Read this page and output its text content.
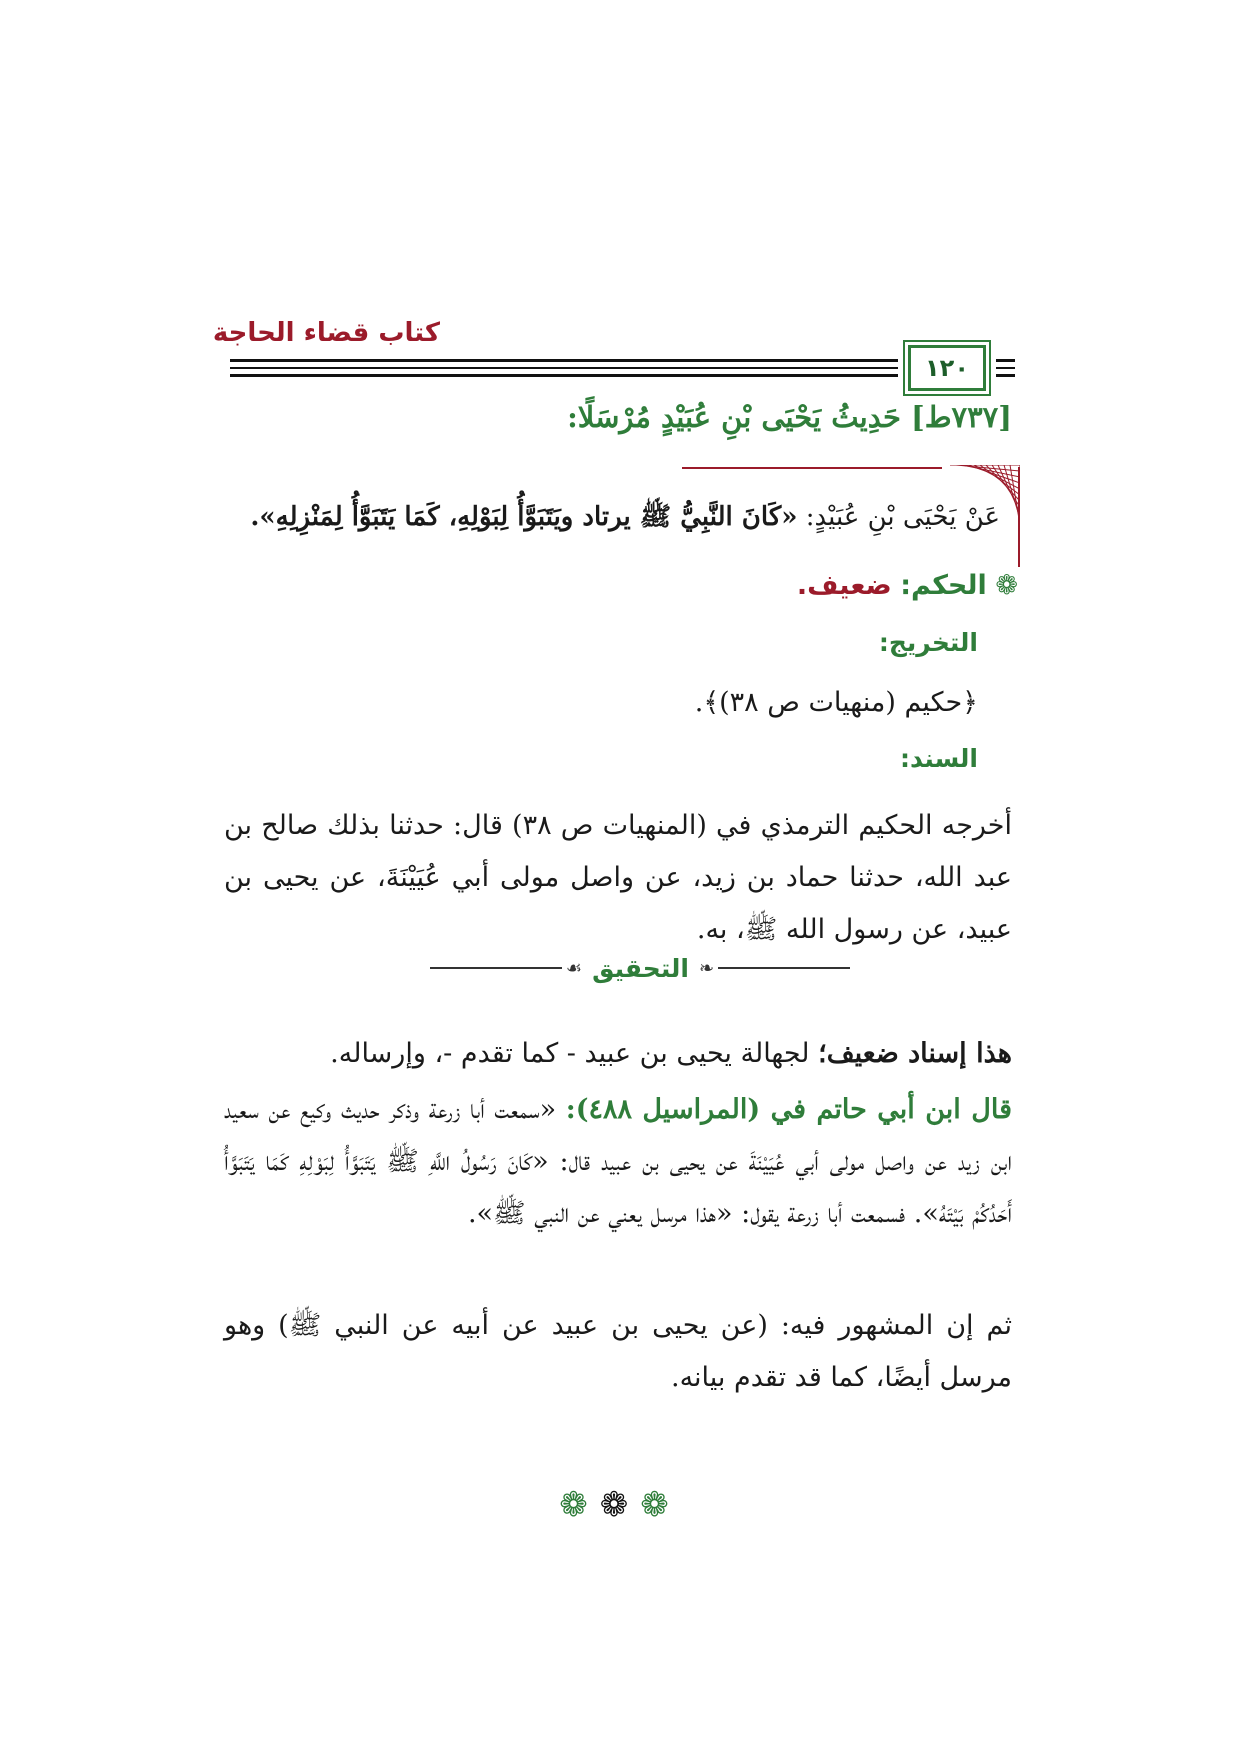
كتاب قضاء الحاجة
١٢٠
[٧٣٧ط] حَدِيثُ يَحْيَى بْنِ عُبَيْدٍ مُرْسَلًا:
عَنْ يَحْيَى بْنِ عُبَيْدٍ: «كَانَ النَّبِيُّ ﷺ يرتاد ويَتَبَوَّأُ لِبَوْلِهِ، كَمَا يَتَبَوَّأُ لِمَنْزِلِهِ».
❁ الحكم: ضعيف.
التخريج:
﴿حكيم (منهيات ص ٣٨)﴾.
السند:
أخرجه الحكيم الترمذي في (المنهيات ص ٣٨) قال: حدثنا بذلك صالح بن عبد الله، حدثنا حماد بن زيد، عن واصل مولى أبي عُيَيْنَةَ، عن يحيى بن عبيد، عن رسول الله ﷺ، به.
❧
التحقيق
☙
هذا إسناد ضعيف؛ لجهالة يحيى بن عبيد - كما تقدم -، وإرساله.
قال ابن أبي حاتم في (المراسيل ٤٨٨): «سمعت أبا زرعة وذكر حديث وكيع عن سعيد ابن زيد عن واصل مولى أبي عُيَيْنَةَ عن يحيى بن عبيد قال: «كَانَ رَسُولُ اللَّهِ ﷺ يَتَبَوَّأُ لِبَوْلِهِ كَمَا يَتَبَوَّأُ أَحَدُكُمْ بَيْتَهُ». فسمعت أبا زرعة يقول: «هذا مرسل يعني عن النبي ﷺ».
ثم إن المشهور فيه: (عن يحيى بن عبيد عن أبيه عن النبي ﷺ) وهو مرسل أيضًا، كما قد تقدم بيانه.
❁❁❁
